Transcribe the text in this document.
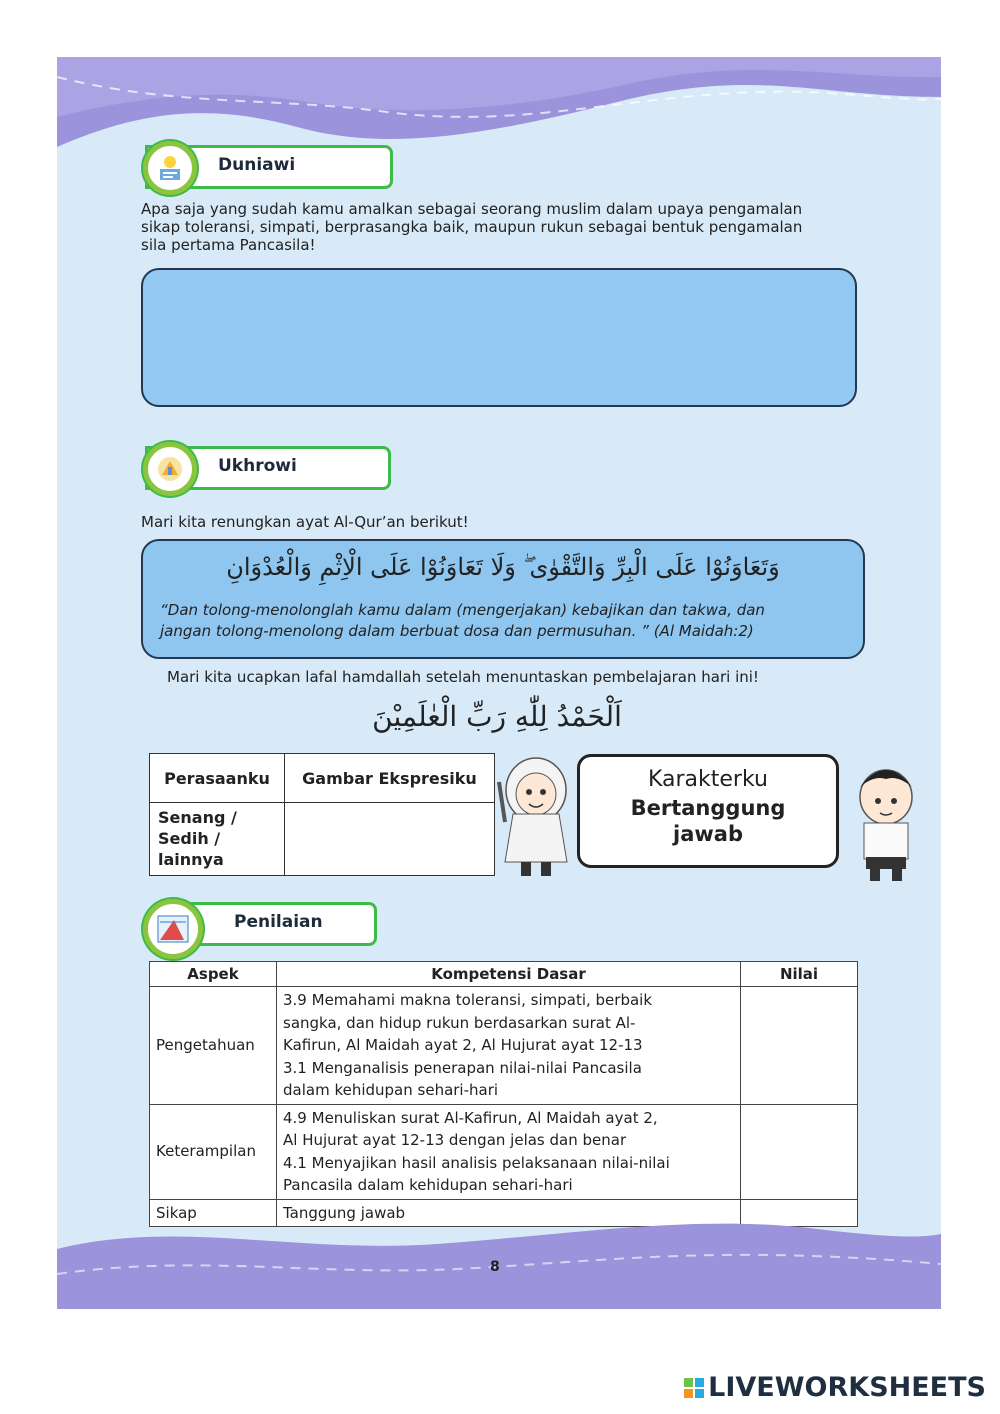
Duniawi
Apa saja yang sudah kamu amalkan sebagai seorang muslim dalam upaya pengamalan sikap toleransi, simpati, berprasangka baik, maupun rukun sebagai bentuk pengamalan sila pertama Pancasila!
Ukhrowi
Mari kita renungkan ayat Al-Qur’an berikut!
وَتَعَاوَنُوْا عَلَى الْبِرِّ وَالتَّقْوٰى ۖ وَلَا تَعَاوَنُوْا عَلَى الْاِثْمِ وَالْعُدْوَانِ
“Dan tolong-menolonglah kamu dalam (mengerjakan) kebajikan dan takwa, dan
jangan tolong-menolong dalam berbuat dosa dan permusuhan. ” (Al Maidah:2)
Mari kita ucapkan lafal hamdallah setelah menuntaskan pembelajaran hari ini!
اَلْحَمْدُ لِلّٰهِ رَبِّ الْعٰلَمِيْنَ
Perasaanku	Gambar Ekspresiku

Senang /
Sedih /
lainnya	

Karakterku
Bertanggung
jawab
Penilaian
Aspek	Kompetensi Dasar	Nilai
Pengetahuan	3.9 Memahami makna toleransi, simpati, berbaik
sangka, dan hidup rukun berdasarkan surat Al-
Kafirun, Al Maidah ayat 2, Al Hujurat ayat 12-13
3.1 Menganalisis penerapan nilai-nilai Pancasila
dalam kehidupan sehari-hari	

Keterampilan	4.9 Menuliskan surat Al-Kafirun, Al Maidah ayat 2,
Al Hujurat ayat 12-13 dengan jelas dan benar
4.1 Menyajikan hasil analisis pelaksanaan nilai-nilai
Pancasila dalam kehidupan sehari-hari	

Sikap	Tanggung jawab	

8
LIVEWORKSHEETS
